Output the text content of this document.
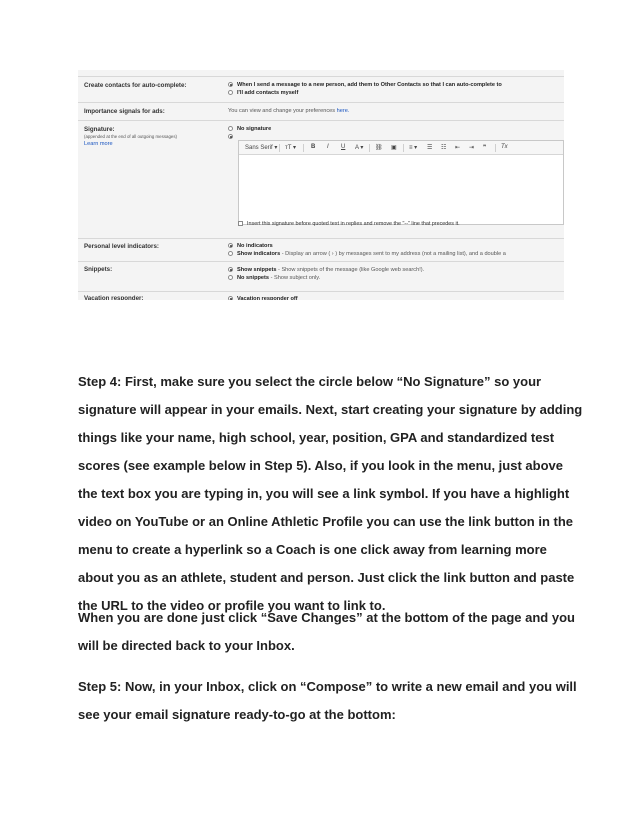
Create contacts for auto-complete:	When I send a message to a new person, add them to Other Contacts so that I can auto-complete to
I'll add contacts myself
Importance signals for ads:	You can view and change your preferences here.
Signature:
(appended at the end of all outgoing messages)
Learn more
No signature
Sans Serif ▾ ᴛT ▾	B I U A ▾ ⛓ ▣ ≡ ▾ ☰ ☷ ⇤ ⇥ ❞ Tx
Insert this signature before quoted text in replies and remove the "--" line that precedes it.
Personal level indicators:	No indicators
Show indicators - Display an arrow ( › ) by messages sent to my address (not a mailing list), and a double a
Snippets:	Show snippets - Show snippets of the message (like Google web search!).
No snippets - Show subject only.
Vacation responder:	Vacation responder off
Step 4: First, make sure you select the circle below “No Signature” so your
signature will appear in your emails. Next, start creating your signature by adding
things like your name, high school, year, position, GPA and standardized test
scores (see example below in Step 5). Also, if you look in the menu, just above
the text box you are typing in, you will see a link symbol. If you have a highlight
video on YouTube or an Online Athletic Profile you can use the link button in the
menu to create a hyperlink so a Coach is one click away from learning more
about you as an athlete, student and person. Just click the link button and paste
the URL to the video or profile you want to link to.
When you are done just click “Save Changes” at the bottom of the page and you
will be directed back to your Inbox.
Step 5: Now, in your Inbox, click on “Compose” to write a new email and you will
see your email signature ready-to-go at the bottom:
